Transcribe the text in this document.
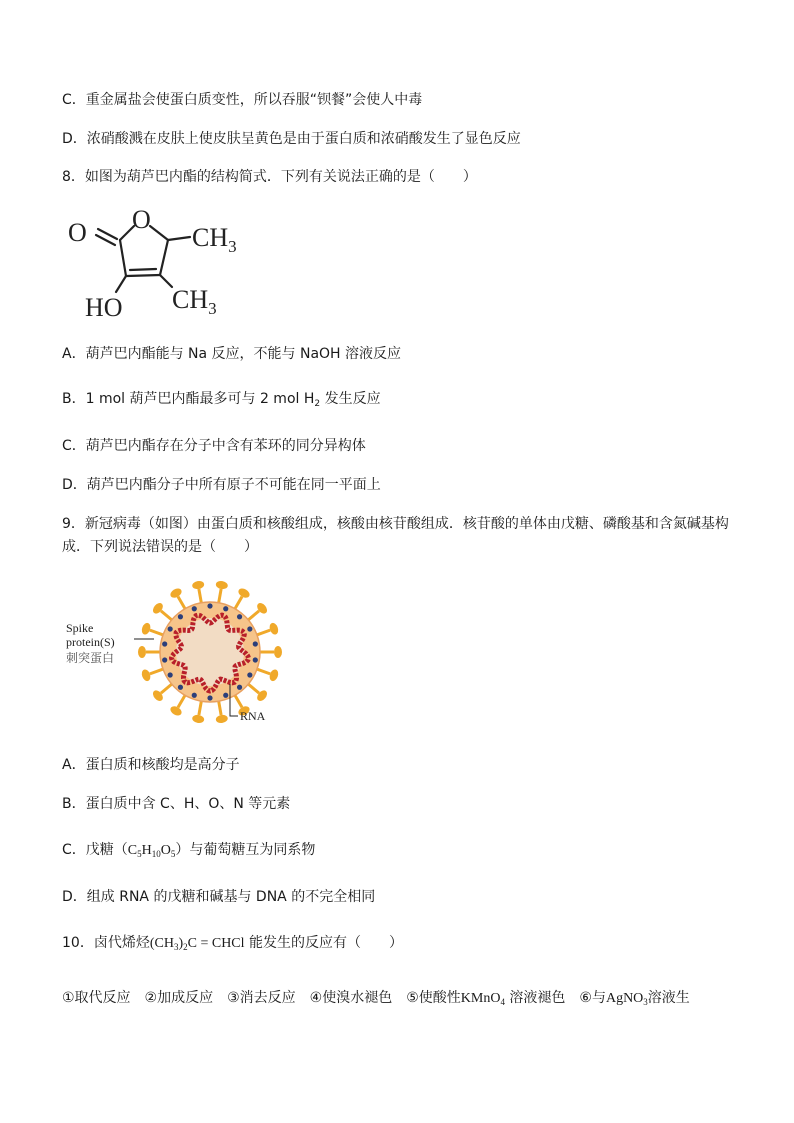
C．重金属盐会使蛋白质变性，所以吞服“钡餐”会使人中毒
D．浓硝酸溅在皮肤上使皮肤呈黄色是由于蛋白质和浓硝酸发生了显色反应
8．如图为葫芦巴内酯的结构简式．下列有关说法正确的是（　　）
O O
$CH_3$
$CH_3$
HO
A．葫芦巴内酯能与 Na 反应，不能与 NaOH 溶液反应
B．1 mol 葫芦巴内酯最多可与 2 mol $H_2$ 发生反应
C．葫芦巴内酯存在分子中含有苯环的同分异构体
D．葫芦巴内酯分子中所有原子不可能在同一平面上
9．新冠病毒（如图）由蛋白质和核酸组成，核酸由核苷酸组成．核苷酸的单体由戊糖、磷酸基和含氮碱基构
成．下列说法错误的是（　　）
Spike
protein(S)
RNA
刺突蛋白
A．蛋白质和核酸均是高分子
B．蛋白质中含 C、H、O、N 等元素
C．戊糖$(C_5H_{10}O_5)$与葡萄糖互为同系物
D．组成 RNA 的戊糖和碱基与 DNA 的不完全相同
10．卤代烯烃$(CH_3)_2C$ = CHCl 能发生的反应有（　　）
①取代反应　②加成反应　③消去反应　④使溴水褪色　⑤使酸性KMnO$_4$ 溶液褪色　⑥与AgNO$_3$溶液生
